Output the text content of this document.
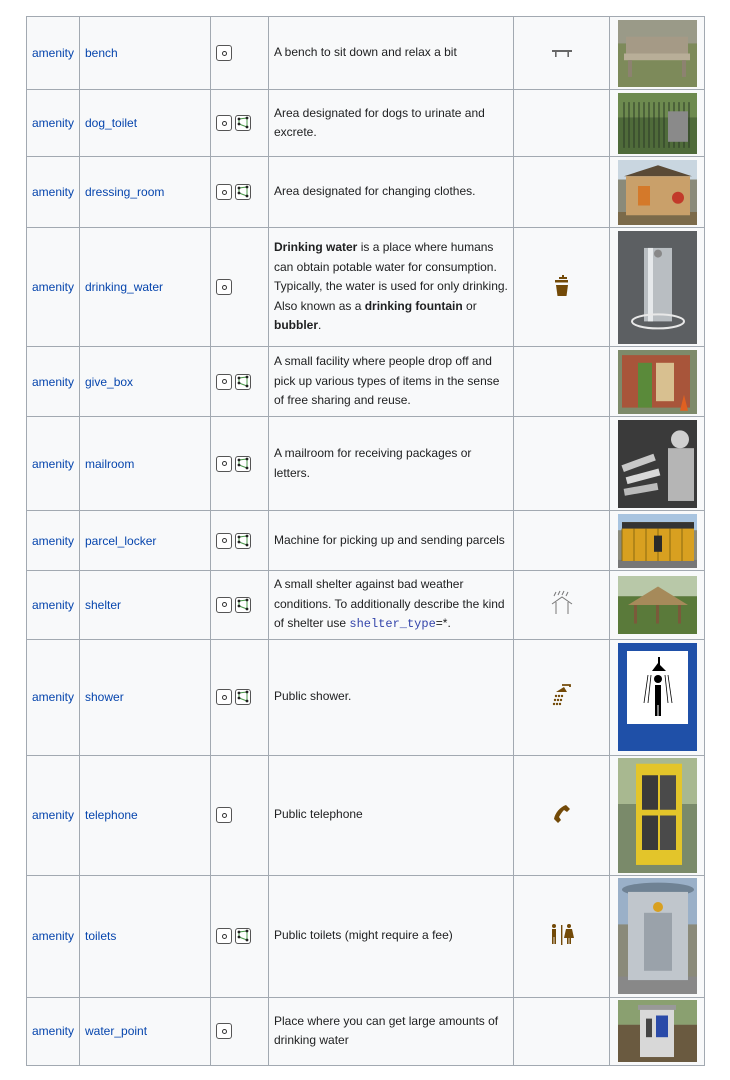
amenity	bench		A bench to sit down and relax a bit		

amenity	dog_toilet		Area designated for dogs to urinate and excrete.		

amenity	dressing_room		Area designated for changing clothes.		

amenity	drinking_water		Drinking water is a place where humans can obtain potable water for consumption. Typically, the water is used for only drinking. Also known as a drinking fountain or bubbler.		

amenity	give_box		A small facility where people drop off and pick up various types of items in the sense of free sharing and reuse.		

amenity	mailroom		A mailroom for receiving packages or letters.		

amenity	parcel_locker		Machine for picking up and sending parcels		

amenity	shelter		A small shelter against bad weather conditions. To additionally describe the kind of shelter use shelter_type=*.		

amenity	shower		Public shower.		

amenity	telephone		Public telephone		

amenity	toilets		Public toilets (might require a fee)		

amenity	water_point		Place where you can get large amounts of drinking water		
